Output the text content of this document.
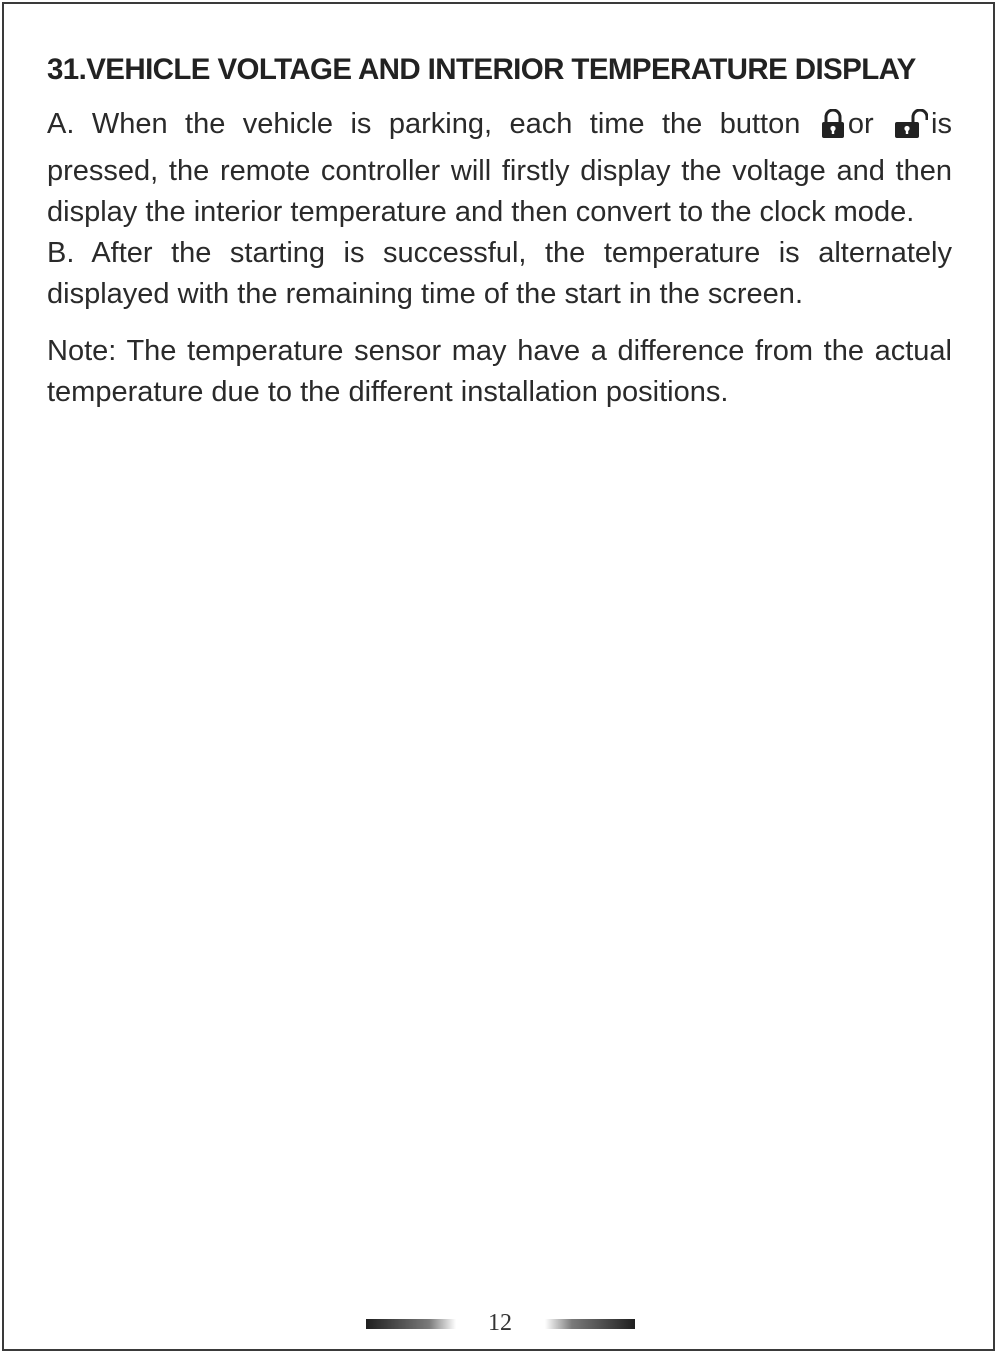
31.VEHICLE VOLTAGE AND INTERIOR TEMPERATURE DISPLAY

A. When the vehicle is parking, each time the button or is

pressed, the remote controller will firstly display the voltage and then display the interior temperature and then convert to the clock mode.

B. After the starting is successful, the temperature is alternately displayed with the remaining time of the start in the screen.

Note: The temperature sensor may have a difference from the actual temperature due to the different installation positions.

12
